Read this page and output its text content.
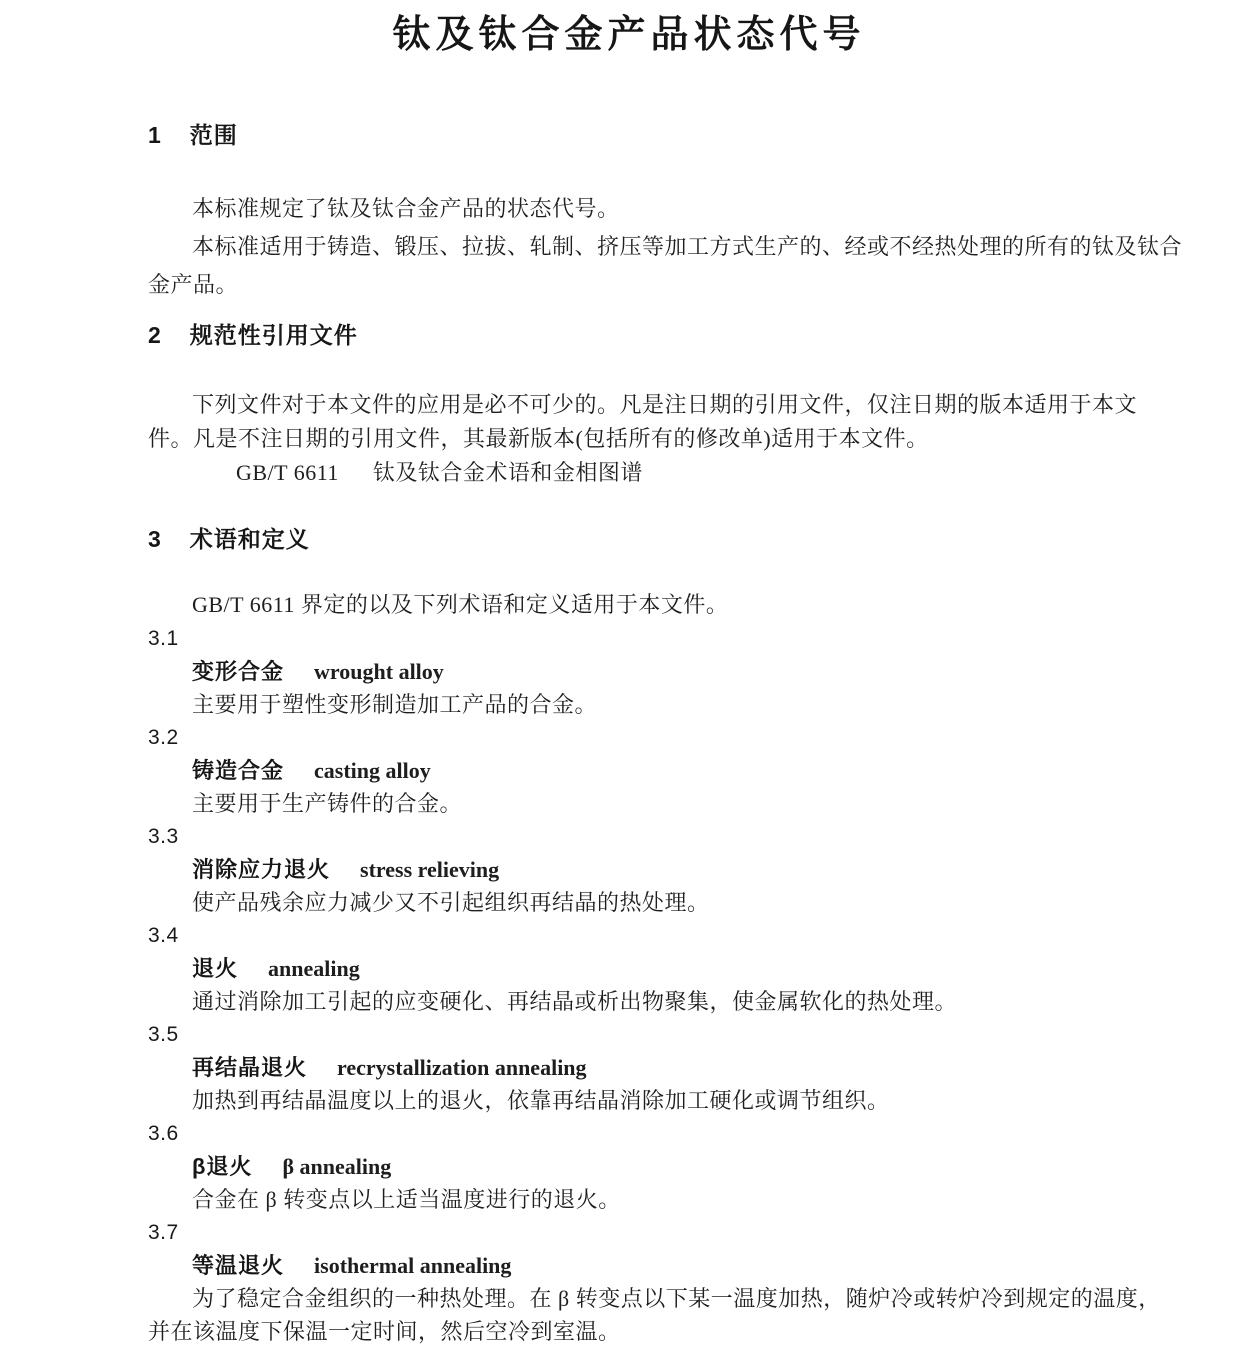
钛及钛合金产品状态代号
1 范围

本标准规定了钛及钛合金产品的状态代号。

本标准适用于铸造、锻压、拉拔、轧制、挤压等加工方式生产的、经或不经热处理的所有的钛及钛合

金产品。

2 规范性引用文件

下列文件对于本文件的应用是必不可少的。凡是注日期的引用文件，仅注日期的版本适用于本文

件。凡是不注日期的引用文件，其最新版本(包括所有的修改单)适用于本文件。

GB/T 6611 钛及钛合金术语和金相图谱

3 术语和定义

GB/T 6611 界定的以及下列术语和定义适用于本文件。

3.1

变形合金 wrought alloy

主要用于塑性变形制造加工产品的合金。

3.2

铸造合金 casting alloy

主要用于生产铸件的合金。

3.3

消除应力退火 stress relieving

使产品残余应力减少又不引起组织再结晶的热处理。

3.4

退火 annealing

通过消除加工引起的应变硬化、再结晶或析出物聚集，使金属软化的热处理。

3.5

再结晶退火 recrystallization annealing

加热到再结晶温度以上的退火，依靠再结晶消除加工硬化或调节组织。

3.6

β退火 β annealing

合金在 β 转变点以上适当温度进行的退火。

3.7

等温退火 isothermal annealing

为了稳定合金组织的一种热处理。在 β 转变点以下某一温度加热，随炉冷或转炉冷到规定的温度，

并在该温度下保温一定时间，然后空冷到室温。
